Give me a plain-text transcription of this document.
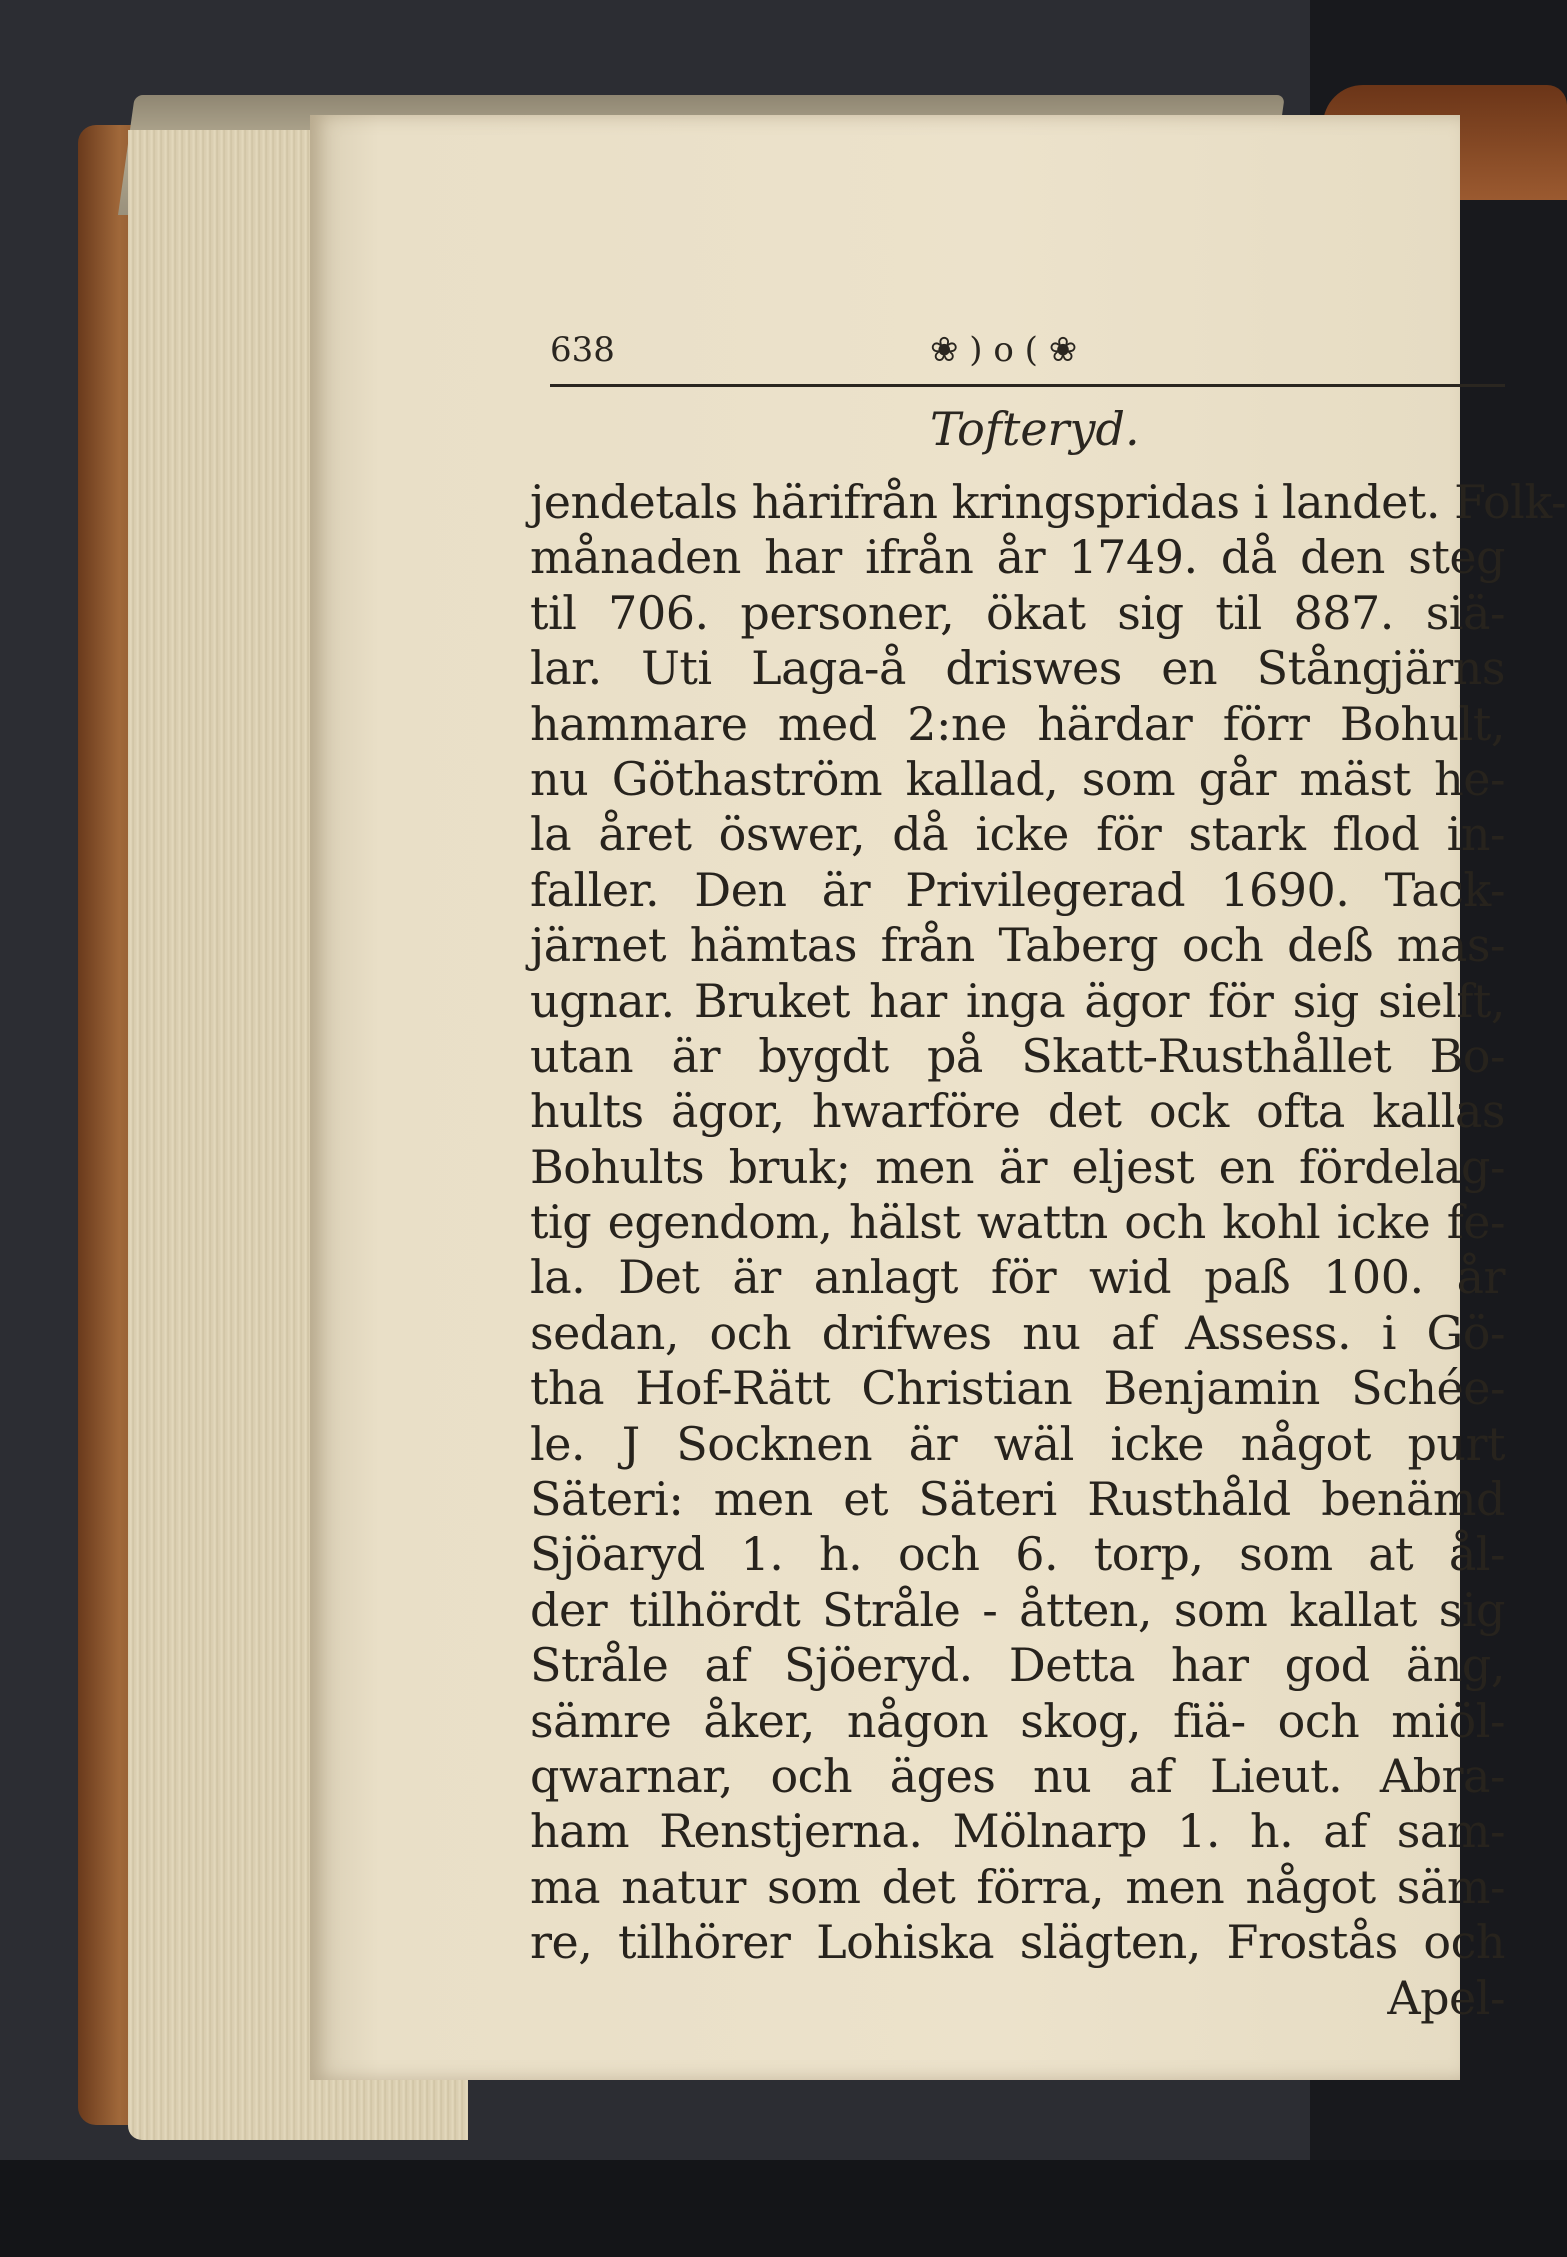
638	❀ ) o ( ❀
Tofteryd.
jendetals härifrån kringspridas i landet. Folk-
månaden har ifrån år 1749. då den steg
til 706. personer, ökat sig til 887. siä-
lar. Uti Laga-å driswes en Stångjärns
hammare med 2:ne härdar förr Bohult,
nu Göthaström kallad, som går mäst he-
la året öswer, då icke för stark flod in-
faller. Den är Privilegerad 1690. Tack-
järnet hämtas från Taberg och deß mas-
ugnar. Bruket har inga ägor för sig sielft,
utan är bygdt på Skatt-Rusthållet Bo-
hults ägor, hwarföre det ock ofta kallas
Bohults bruk; men är eljest en fördelag-
tig egendom, hälst wattn och kohl icke fe-
la. Det är anlagt för wid paß 100. år
sedan, och drifwes nu af Assess. i Gö-
tha Hof-Rätt Christian Benjamin Schée-
le. J Socknen är wäl icke något purt
Säteri: men et Säteri Rusthåld benämd
Sjöaryd 1. h. och 6. torp, som at ål-
der tilhördt Stråle - åtten, som kallat sig
Stråle af Sjöeryd. Detta har god äng,
sämre åker, någon skog, fiä- och miöl-
qwarnar, och äges nu af Lieut. Abra-
ham Renstjerna. Mölnarp 1. h. af sam-
ma natur som det förra, men något säm-
re, tilhörer Lohiska slägten, Frostås och
Apel-
